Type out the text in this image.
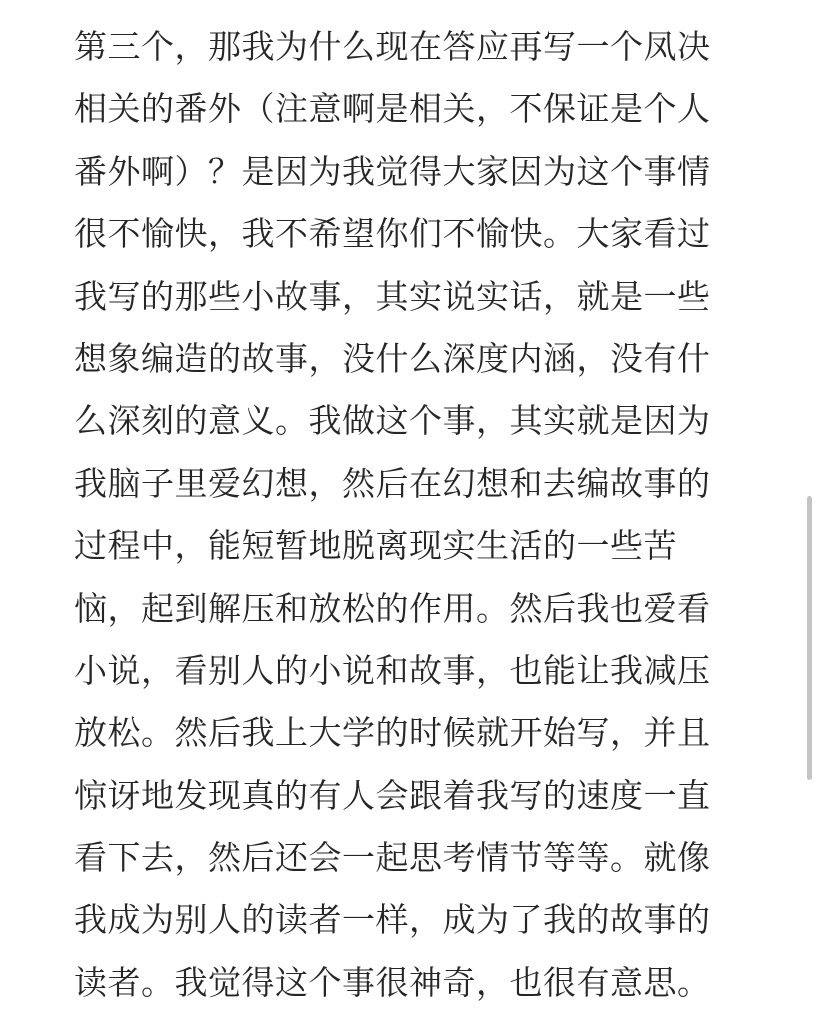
第三个，那我为什么现在答应再写一个凤决
相关的番外（注意啊是相关，不保证是个人
番外啊）？是因为我觉得大家因为这个事情
很不愉快，我不希望你们不愉快。大家看过
我写的那些小故事，其实说实话，就是一些
想象编造的故事，没什么深度内涵，没有什
么深刻的意义。我做这个事，其实就是因为
我脑子里爱幻想，然后在幻想和去编故事的
过程中，能短暂地脱离现实生活的一些苦
恼，起到解压和放松的作用。然后我也爱看
小说，看别人的小说和故事，也能让我减压
放松。然后我上大学的时候就开始写，并且
惊讶地发现真的有人会跟着我写的速度一直
看下去，然后还会一起思考情节等等。就像
我成为别人的读者一样，成为了我的故事的
读者。我觉得这个事很神奇，也很有意思。
